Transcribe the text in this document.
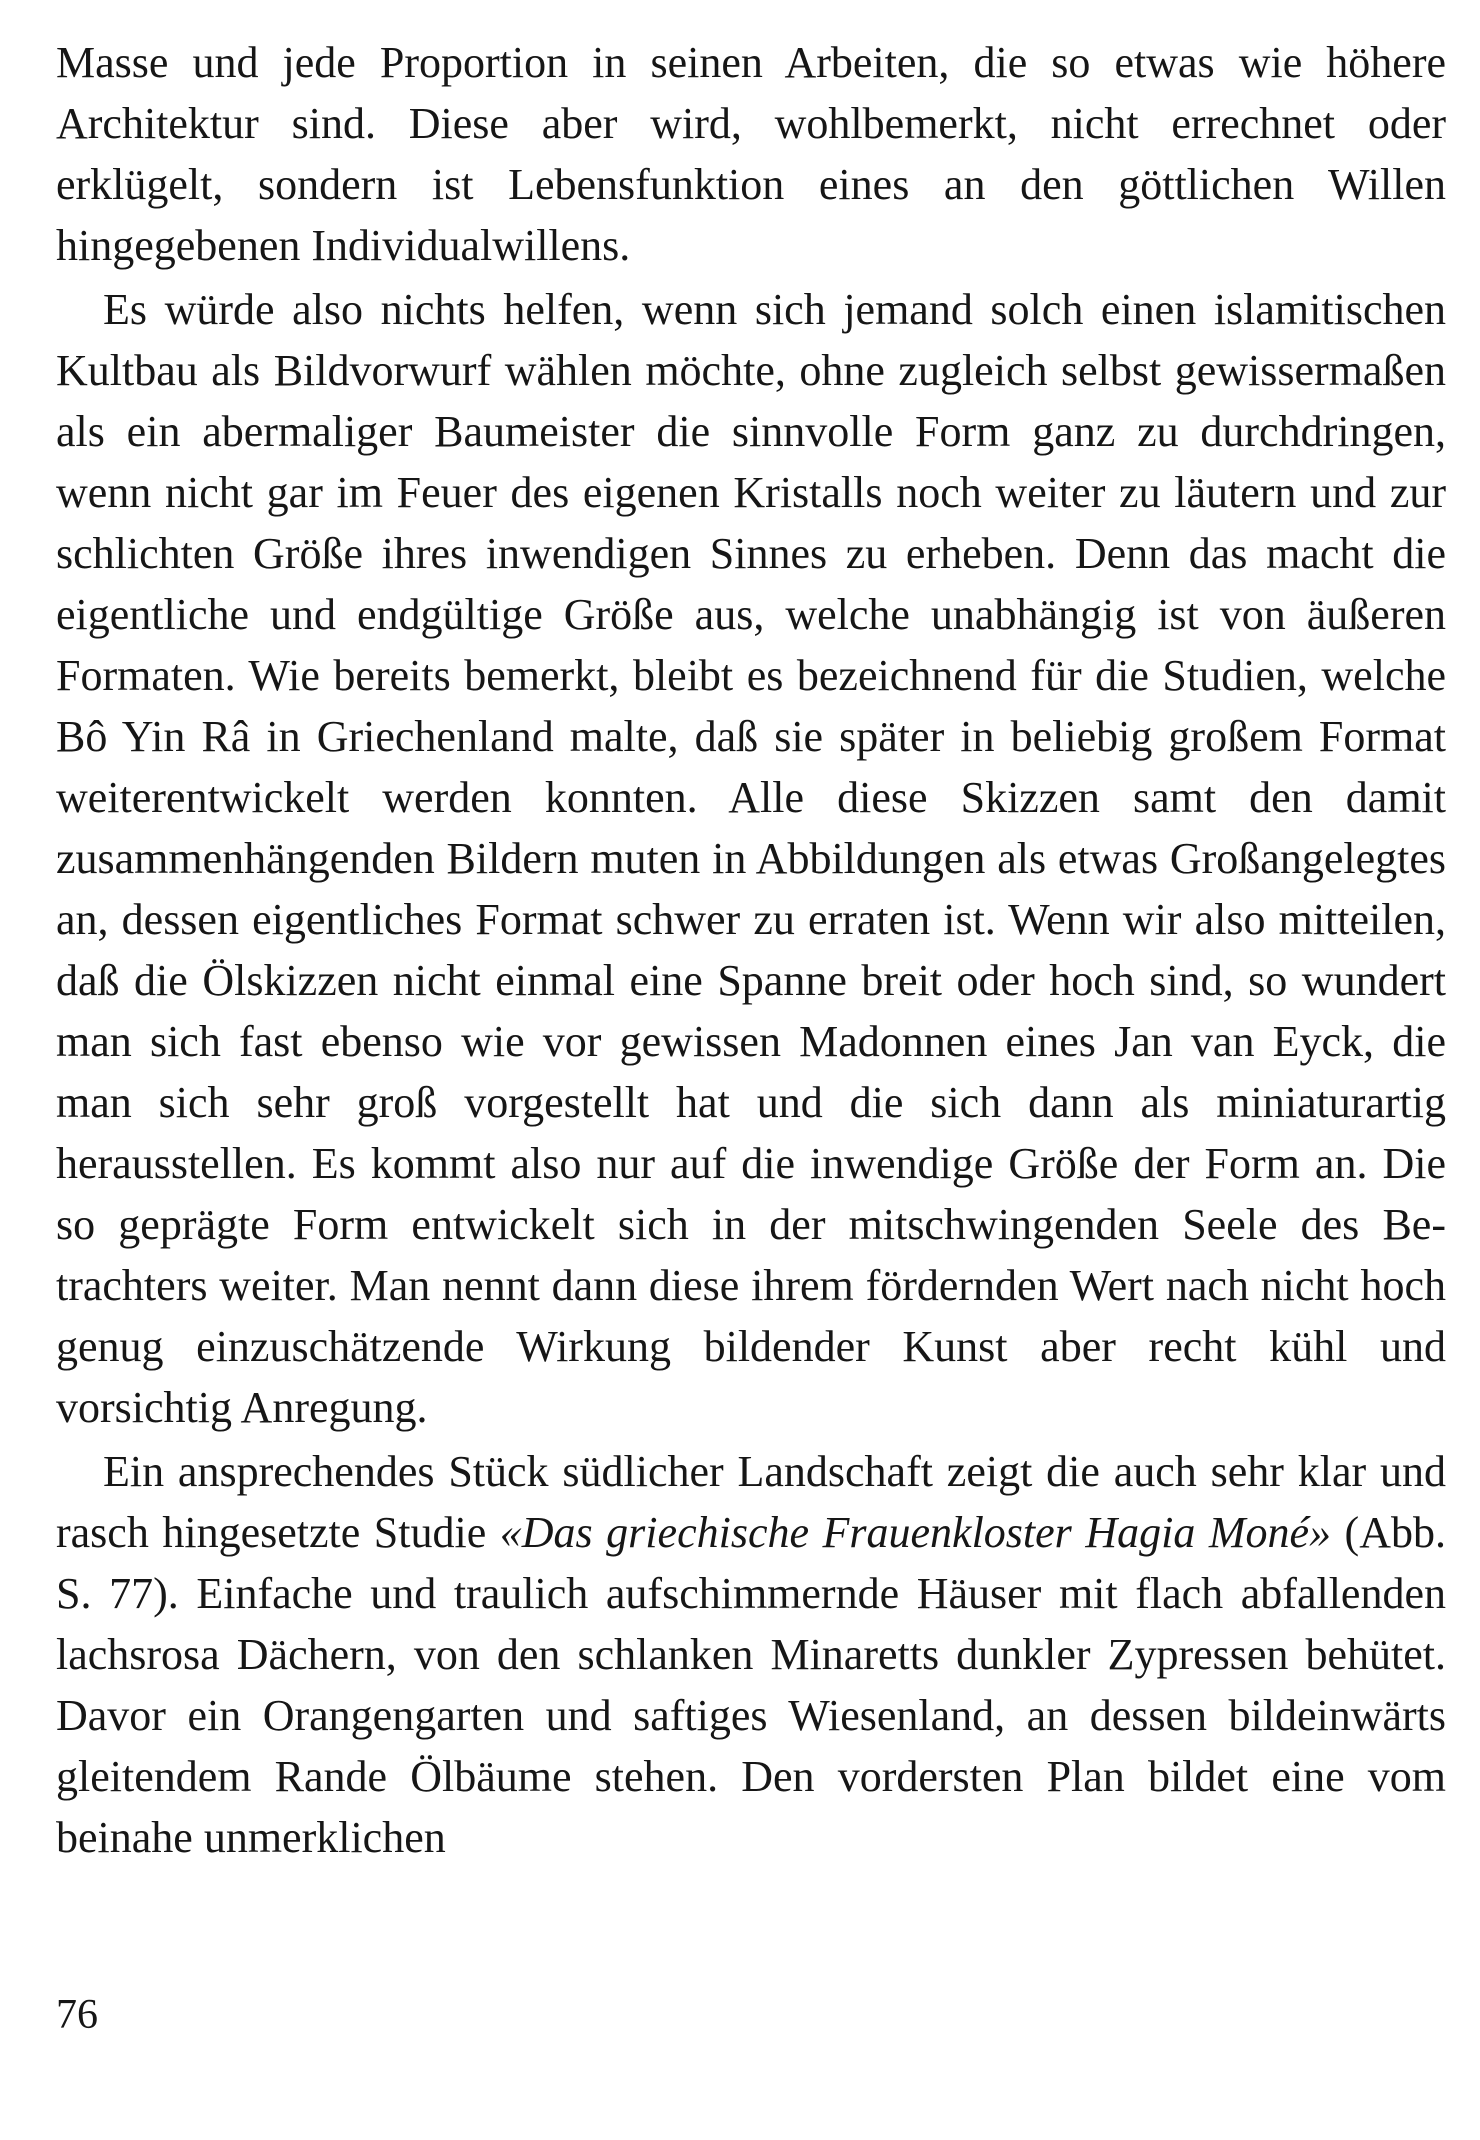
Masse und jede Proportion in seinen Arbeiten, die so etwas wie höhere Architektur sind. Diese aber wird, wohlbemerkt, nicht errechnet oder erklügelt, sondern ist Lebensfunktion eines an den göttlichen Willen hingegebenen Individualwillens.

Es würde also nichts helfen, wenn sich jemand solch einen islamitischen Kultbau als Bildvorwurf wählen möchte, ohne zugleich selbst gewissermaßen als ein abermaliger Baumeister die sinnvolle Form ganz zu durchdringen, wenn nicht gar im Feuer des eigenen Kristalls noch weiter zu läutern und zur schlichten Größe ihres inwendigen Sinnes zu erheben. Denn das macht die eigentliche und endgültige Größe aus, welche unabhängig ist von äußeren Formaten. Wie bereits bemerkt, bleibt es bezeichnend für die Studien, welche Bô Yin Râ in Griechenland malte, daß sie später in beliebig großem Format weiterentwickelt werden konnten. Alle diese Skizzen samt den damit zusammenhängenden Bildern muten in Abbildungen als etwas Großangelegtes an, dessen eigentliches Format schwer zu erraten ist. Wenn wir also mitteilen, daß die Ölskizzen nicht einmal eine Spanne breit oder hoch sind, so wundert man sich fast ebenso wie vor gewissen Madonnen eines Jan van Eyck, die man sich sehr groß vorgestellt hat und die sich dann als miniaturartig herausstellen. Es kommt also nur auf die inwendige Größe der Form an. Die so geprägte Form entwickelt sich in der mitschwingenden Seele des Betrachters weiter. Man nennt dann diese ihrem fördernden Wert nach nicht hoch genug einzuschätzende Wirkung bildender Kunst aber recht kühl und vorsichtig Anregung.

Ein ansprechendes Stück südlicher Landschaft zeigt die auch sehr klar und rasch hingesetzte Studie «Das griechische Frauenkloster Hagia Moné» (Abb. S. 77). Einfache und traulich aufschimmernde Häuser mit flach abfallenden lachsrosa Dächern, von den schlanken Minaretts dunkler Zypressen behütet. Davor ein Orangengarten und saftiges Wiesenland, an dessen bildeinwärts gleitendem Rande Ölbäume stehen. Den vordersten Plan bildet eine vom beinahe unmerklichen

76
